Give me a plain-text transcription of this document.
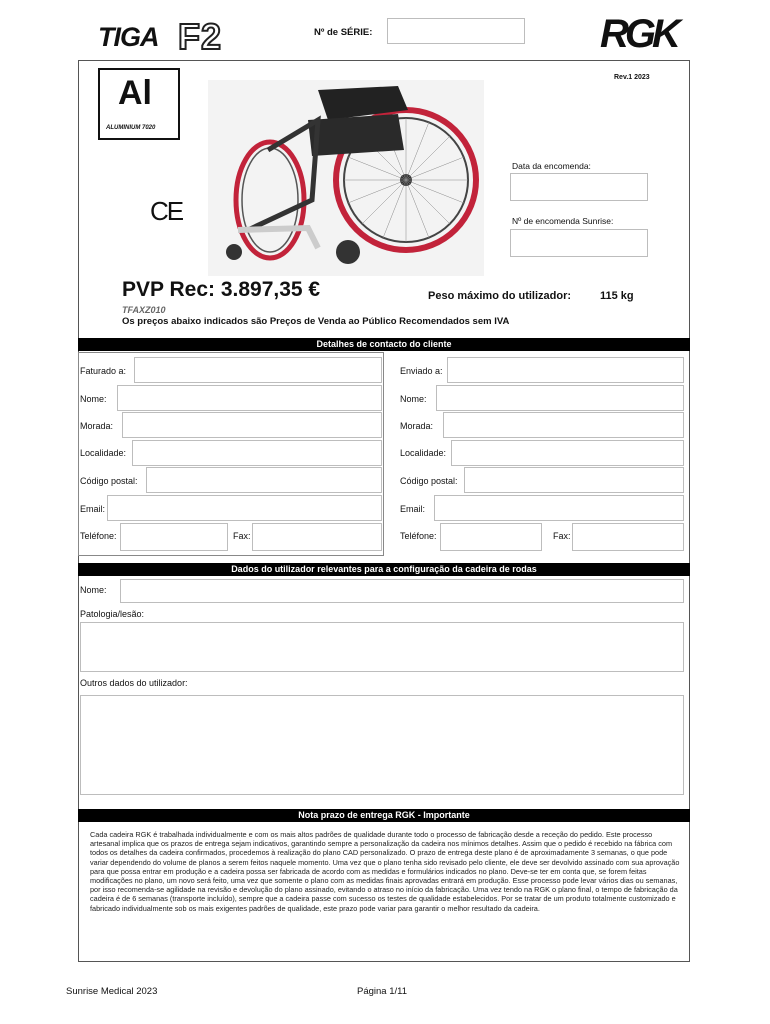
TIGA F2	Nº de SÉRIE:	RGK
Rev.1 2023
Al
ALUMINIUM 7020
CE
Data da encomenda:
Nº de encomenda Sunrise:
PVP Rec: 3.897,35 €	Peso máximo do utilizador:	115 kg
TFAXZ010
Os preços abaixo indicados são Preços de Venda ao Público Recomendados sem IVA
Detalhes de contacto do cliente
Faturado a:
Nome:
Morada:
Localidade:
Código postal:
Email:
Teléfone:	Fax:
Enviado a:
Nome:
Morada:
Localidade:
Código postal:
Email:
Teléfone:	Fax:
Dados do utilizador relevantes para a configuração da cadeira de rodas
Nome:
Patologia/lesão:
Outros dados do utilizador:
Nota prazo de entrega RGK - Importante
Cada cadeira RGK é trabalhada individualmente e com os mais altos padrões de qualidade durante todo o processo de fabricação desde a receção do pedido. Este processo artesanal implica que os prazos de entrega sejam indicativos, garantindo sempre a personalização da cadeira nos mínimos detalhes. Assim que o pedido é recebido na fábrica com todos os detalhes da cadeira confirmados, procedemos à realização do plano CAD personalizado. O prazo de entrega deste plano é de aproximadamente 3 semanas, o que pode variar dependendo do volume de planos a serem feitos naquele momento. Uma vez que o plano tenha sido revisado pelo cliente, ele deve ser devolvido assinado com sua aprovação para que possa entrar em produção e a cadeira possa ser fabricada de acordo com as medidas e formulários indicados no plano. Deve-se ter em conta que, se forem feitas modificações no plano, um novo será feito, uma vez que somente o plano com as medidas finais aprovadas entrará em produção. Esse processo pode levar vários dias ou semanas, por isso recomenda-se agilidade na revisão e devolução do plano assinado, evitando o atraso no início da fabricação. Uma vez tendo na RGK o plano final, o tempo de fabricação da cadeira é de 6 semanas (transporte incluído), sempre que a cadeira passe com sucesso os testes de qualidade estabelecidos. Por se tratar de um produto totalmente customizado e fabricado individualmente sob os mais exigentes padrões de qualidade, este prazo pode variar para garantir o melhor resultado da cadeira.
Sunrise Medical 2023	Página 1/11
